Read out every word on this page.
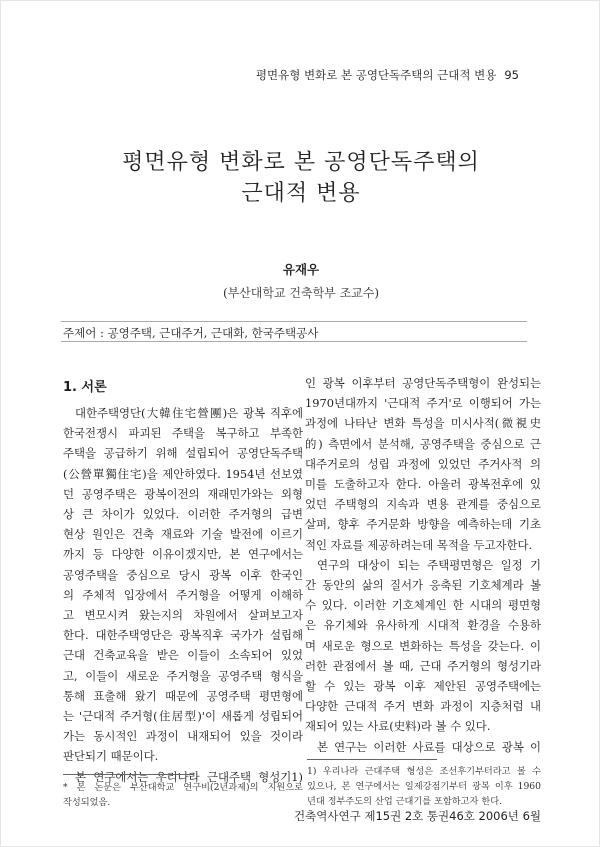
평면유형 변화로 본 공영단독주택의 근대적 변용 95
평면유형 변화로 본 공영단독주택의
근대적 변용
유재우
(부산대학교 건축학부 조교수)
주제어 : 공영주택, 근대주거, 근대화, 한국주택공사
1. 서론
대한주택영단(大韓住宅營團)은 광복 직후에
한국전쟁시 파괴된 주택을 복구하고 부족한
주택을 공급하기 위해 설립되어 공영단독주택
(公營單獨住宅)을 제안하였다. 1954년 선보였
던 공영주택은 광복이전의 재래민가와는 외형
상 큰 차이가 있었다. 이러한 주거형의 급변
현상 원인은 건축 재료와 기술 발전에 이르기
까지 등 다양한 이유이겠지만, 본 연구에서는
공영주택을 중심으로 당시 광복 이후 한국인
의 주체적 입장에서 주거형을 어떻게 이해하
고 변모시켜 왔는지의 차원에서 살펴보고자
한다. 대한주택영단은 광복직후 국가가 설립해
근대 건축교육을 받은 이들이 소속되어 있었
고, 이들이 새로운 주거형을 공영주택 형식을
통해 표출해 왔기 때문에 공영주택 평면형에
는 '근대적 주거형(住居型)'이 새롭게 성립되어
가는 동시적인 과정이 내재되어 있을 것이라
판단되기 때문이다.
본 연구에서는 우리나라 근대주택 형성기1)
인 광복 이후부터 공영단독주택형이 완성되는
1970년대까지 '근대적 주거'로 이행되어 가는
과정에 나타난 변화 특성을 미시사적(微視史
的) 측면에서 분석해, 공영주택을 중심으로 근
대주거로의 성립 과정에 있었던 주거사적 의
미를 도출하고자 한다. 아울러 광복전후에 있
었던 주택형의 지속과 변용 관계를 중심으로
살펴, 향후 주거문화 방향을 예측하는데 기초
적인 자료를 제공하려는데 목적을 두고자한다.
연구의 대상이 되는 주택평면형은 일정 기
간 동안의 삶의 질서가 응축된 기호체계라 볼
수 있다. 이러한 기호체계인 한 시대의 평면형
은 유기체와 유사하게 시대적 환경을 수용하
며 새로운 형으로 변화하는 특성을 갖는다. 이
러한 관점에서 볼 때, 근대 주거형의 형성기라
할 수 있는 광복 이후 제안된 공영주택에는
다양한 근대적 주거 변화 과정이 지층처럼 내
재되어 있는 사료(史料)라 볼 수 있다.
본 연구는 이러한 사료를 대상으로 광복 이
* 본 논문은 부산대학교 연구비(2년과제)의 지원으로
작성되었음.
1) 우리나라 근대주택 형성은 조선후기부터라고 볼 수
있으나, 본 연구에서는 일제강점기부터 광복 이후 1960
년대 정부주도의 산업 근대기를 포함하고자 한다.
건축역사연구 제15권 2호 통권46호 2006년 6월
